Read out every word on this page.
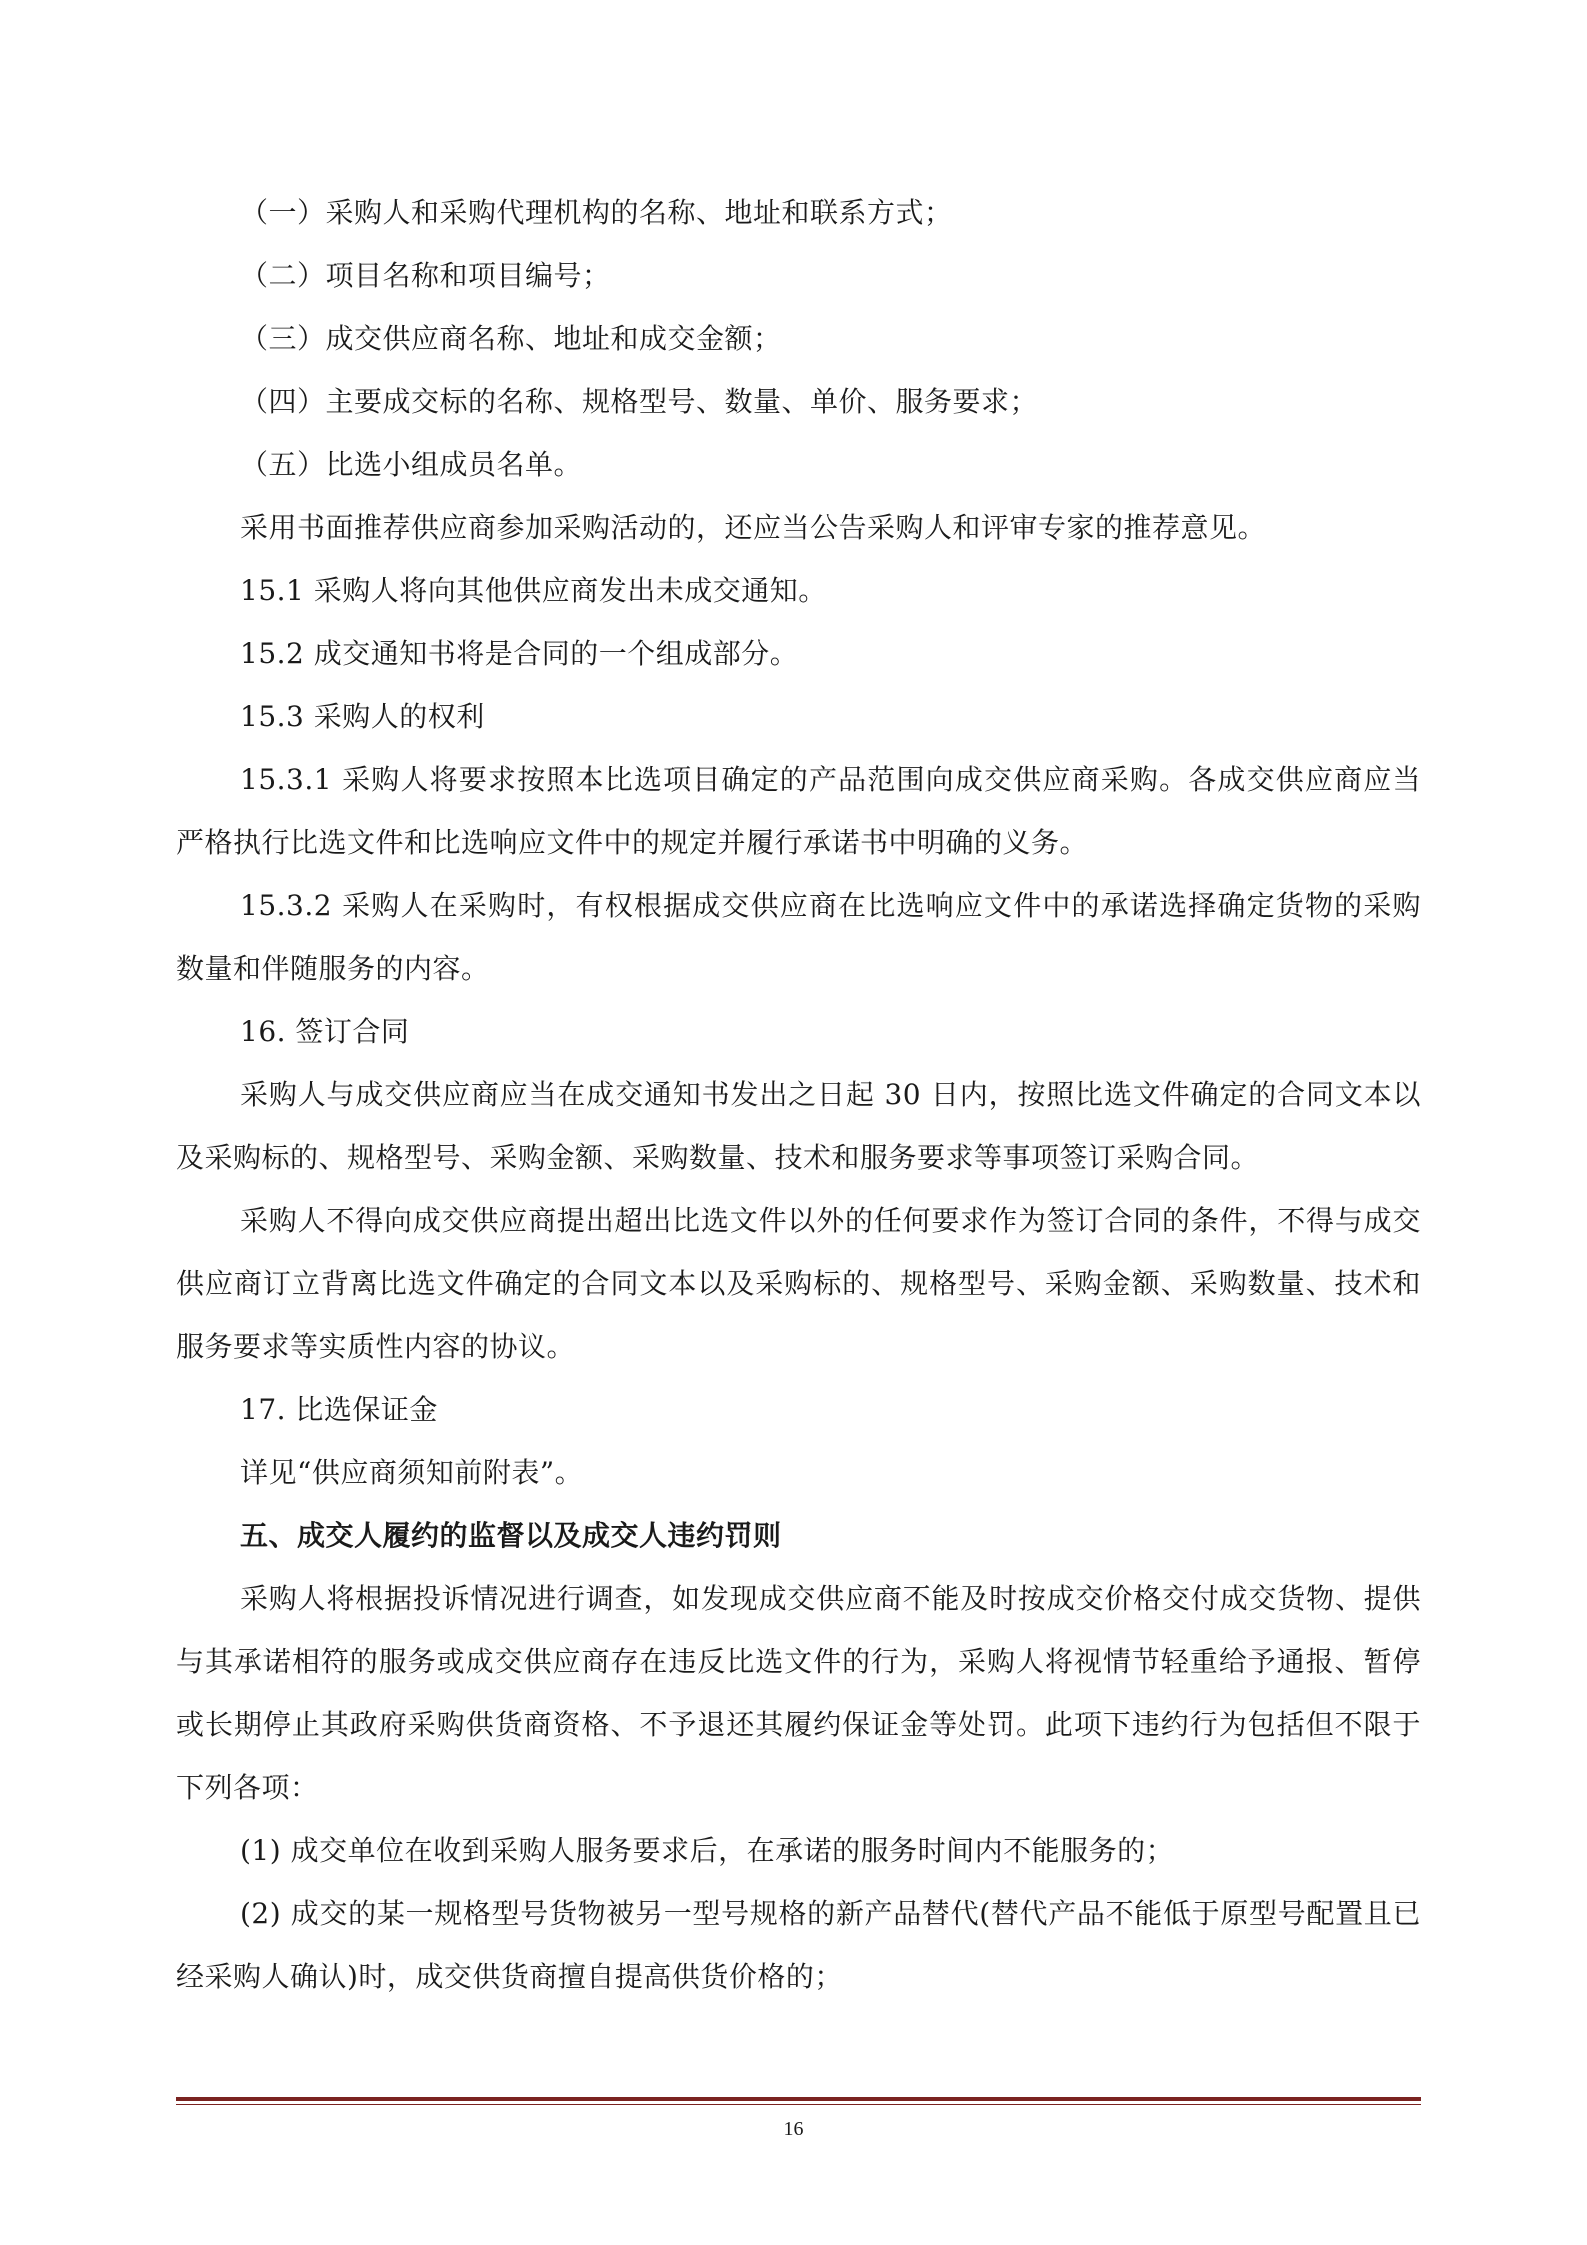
（一）采购人和采购代理机构的名称、地址和联系方式；

（二）项目名称和项目编号；

（三）成交供应商名称、地址和成交金额；

（四）主要成交标的名称、规格型号、数量、单价、服务要求；

（五）比选小组成员名单。

采用书面推荐供应商参加采购活动的，还应当公告采购人和评审专家的推荐意见。

15.1 采购人将向其他供应商发出未成交通知。

15.2 成交通知书将是合同的一个组成部分。

15.3 采购人的权利

15.3.1 采购人将要求按照本比选项目确定的产品范围向成交供应商采购。各成交供应商应当严格执行比选文件和比选响应文件中的规定并履行承诺书中明确的义务。

15.3.2 采购人在采购时，有权根据成交供应商在比选响应文件中的承诺选择确定货物的采购数量和伴随服务的内容。

16. 签订合同

采购人与成交供应商应当在成交通知书发出之日起 30 日内，按照比选文件确定的合同文本以及采购标的、规格型号、采购金额、采购数量、技术和服务要求等事项签订采购合同。

采购人不得向成交供应商提出超出比选文件以外的任何要求作为签订合同的条件，不得与成交供应商订立背离比选文件确定的合同文本以及采购标的、规格型号、采购金额、采购数量、技术和服务要求等实质性内容的协议。

17. 比选保证金

详见“供应商须知前附表”。

五、成交人履约的监督以及成交人违约罚则

采购人将根据投诉情况进行调查，如发现成交供应商不能及时按成交价格交付成交货物、提供与其承诺相符的服务或成交供应商存在违反比选文件的行为，采购人将视情节轻重给予通报、暂停或长期停止其政府采购供货商资格、不予退还其履约保证金等处罚。此项下违约行为包括但不限于下列各项：

(1) 成交单位在收到采购人服务要求后，在承诺的服务时间内不能服务的；

(2) 成交的某一规格型号货物被另一型号规格的新产品替代(替代产品不能低于原型号配置且已经采购人确认)时，成交供货商擅自提高供货价格的；

16
